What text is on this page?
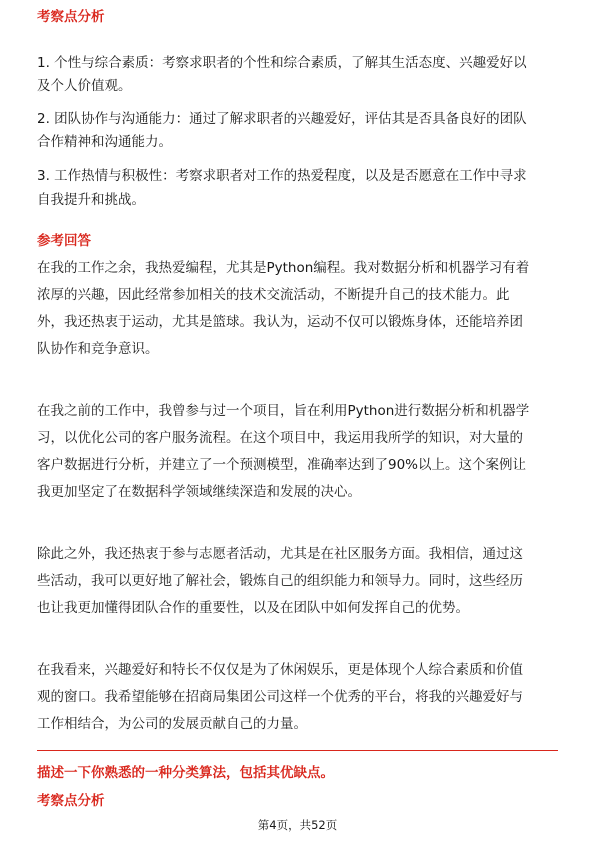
考察点分析
1. 个性与综合素质：考察求职者的个性和综合素质，了解其生活态度、兴趣爱好以
及个人价值观。
2. 团队协作与沟通能力：通过了解求职者的兴趣爱好，评估其是否具备良好的团队
合作精神和沟通能力。
3. 工作热情与积极性：考察求职者对工作的热爱程度，以及是否愿意在工作中寻求
自我提升和挑战。
参考回答
在我的工作之余，我热爱编程，尤其是Python编程。我对数据分析和机器学习有着
浓厚的兴趣，因此经常参加相关的技术交流活动，不断提升自己的技术能力。此
外，我还热衷于运动，尤其是篮球。我认为，运动不仅可以锻炼身体，还能培养团
队协作和竞争意识。
在我之前的工作中，我曾参与过一个项目，旨在利用Python进行数据分析和机器学
习，以优化公司的客户服务流程。在这个项目中，我运用我所学的知识，对大量的
客户数据进行分析，并建立了一个预测模型，准确率达到了90%以上。这个案例让
我更加坚定了在数据科学领域继续深造和发展的决心。
除此之外，我还热衷于参与志愿者活动，尤其是在社区服务方面。我相信，通过这
些活动，我可以更好地了解社会，锻炼自己的组织能力和领导力。同时，这些经历
也让我更加懂得团队合作的重要性，以及在团队中如何发挥自己的优势。
在我看来，兴趣爱好和特长不仅仅是为了休闲娱乐，更是体现个人综合素质和价值
观的窗口。我希望能够在招商局集团公司这样一个优秀的平台，将我的兴趣爱好与
工作相结合，为公司的发展贡献自己的力量。
描述一下你熟悉的一种分类算法，包括其优缺点。
考察点分析
第4页，共52页
